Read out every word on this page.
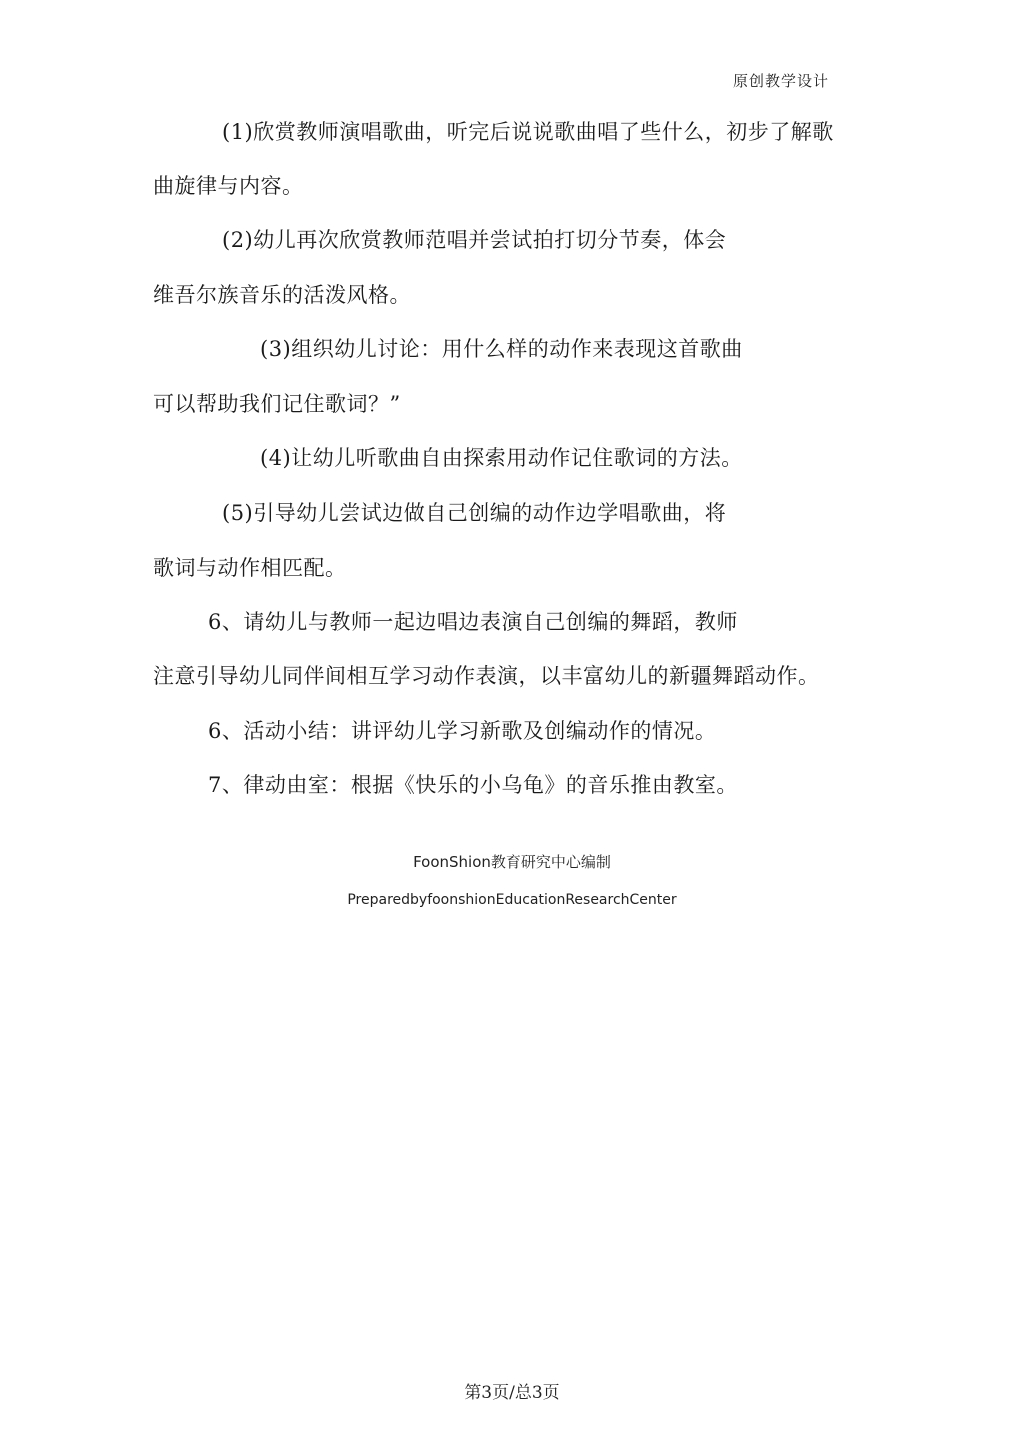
原创教学设计
(1)欣赏教师演唱歌曲，听完后说说歌曲唱了些什么，初步了解歌
曲旋律与内容。
(2)幼儿再次欣赏教师范唱并尝试拍打切分节奏，体会
维吾尔族音乐的活泼风格。
(3)组织幼儿讨论：用什么样的动作来表现这首歌曲
可以帮助我们记住歌词？”
(4)让幼儿听歌曲自由探索用动作记住歌词的方法。
(5)引导幼儿尝试边做自己创编的动作边学唱歌曲，将
歌词与动作相匹配。
6、请幼儿与教师一起边唱边表演自己创编的舞蹈，教师
注意引导幼儿同伴间相互学习动作表演，以丰富幼儿的新疆舞蹈动作。
6、活动小结：讲评幼儿学习新歌及创编动作的情况。
7、律动由室：根据《快乐的小乌龟》的音乐推由教室。
FoonShion教育研究中心编制
PreparedbyfoonshionEducationResearchCenter
第3页/总3页
